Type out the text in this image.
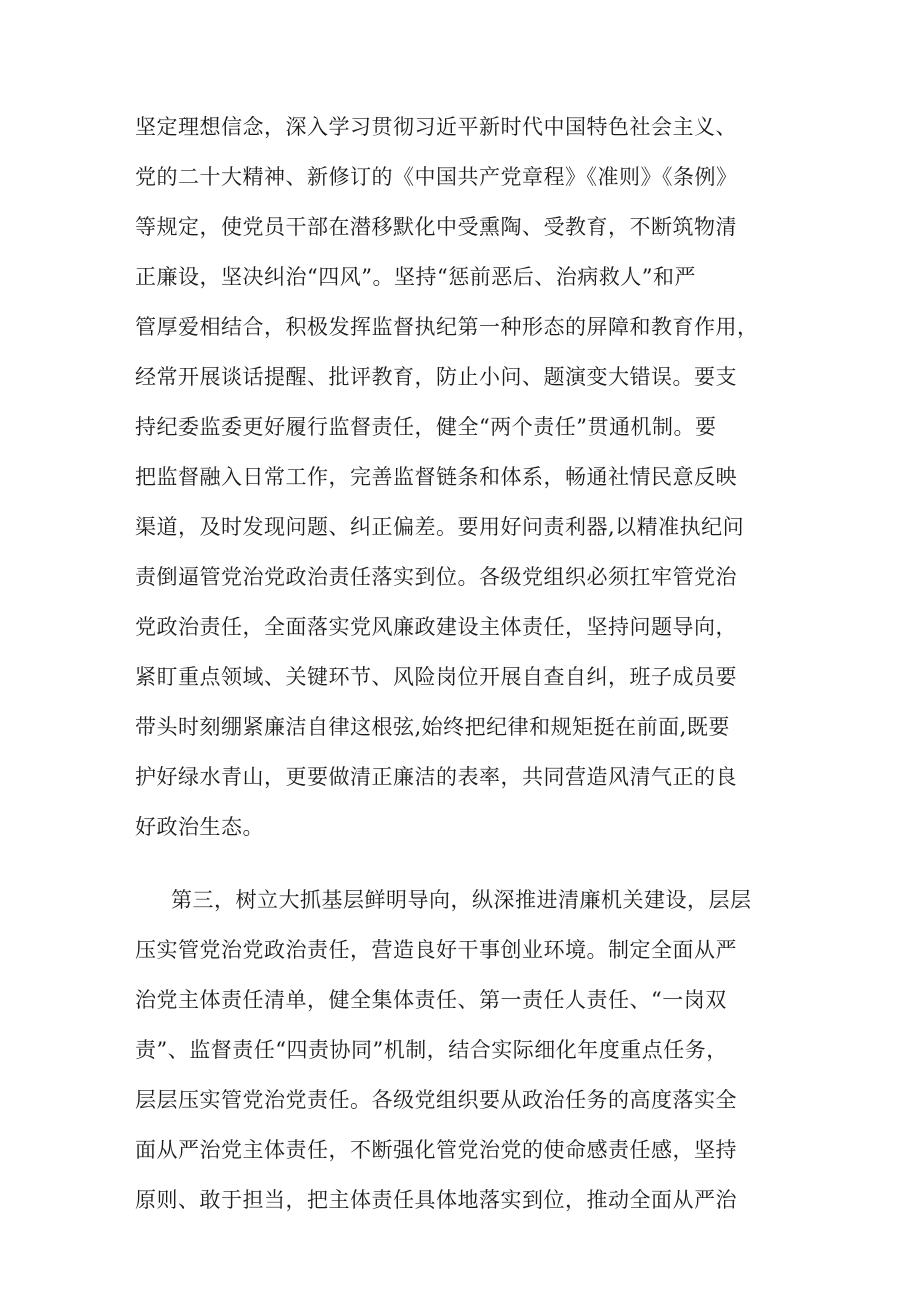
坚定理想信念，深入学习贯彻习近平新时代中国特色社会主义、
党的二十大精神、新修订的《中国共产党章程》《准则》《条例》
等规定，使党员干部在潜移默化中受熏陶、受教育，不断筑物清
正廉设，坚决纠治“四风”。坚持“惩前恶后、治病救人”和严
管厚爱相结合，积极发挥监督执纪第一种形态的屏障和教育作用，
经常开展谈话提醒、批评教育，防止小问、题演变大错误。要支
持纪委监委更好履行监督责任，健全“两个责任”贯通机制。要
把监督融入日常工作，完善监督链条和体系，畅通社情民意反映
渠道，及时发现问题、纠正偏差。要用好问责利器,以精准执纪问
责倒逼管党治党政治责任落实到位。各级党组织必须扛牢管党治
党政治责任，全面落实党风廉政建设主体责任，坚持问题导向，
紧盯重点领域、关键环节、风险岗位开展自查自纠，班子成员要
带头时刻绷紧廉洁自律这根弦,始终把纪律和规矩挺在前面,既要
护好绿水青山，更要做清正廉洁的表率，共同营造风清气正的良
好政治生态。
第三，树立大抓基层鲜明导向，纵深推进清廉机关建设，层层
压实管党治党政治责任，营造良好干事创业环境。制定全面从严
治党主体责任清单，健全集体责任、第一责任人责任、“一岗双
责”、监督责任“四责协同”机制，结合实际细化年度重点任务，
层层压实管党治党责任。各级党组织要从政治任务的高度落实全
面从严治党主体责任，不断强化管党治党的使命感责任感，坚持
原则、敢于担当，把主体责任具体地落实到位，推动全面从严治
